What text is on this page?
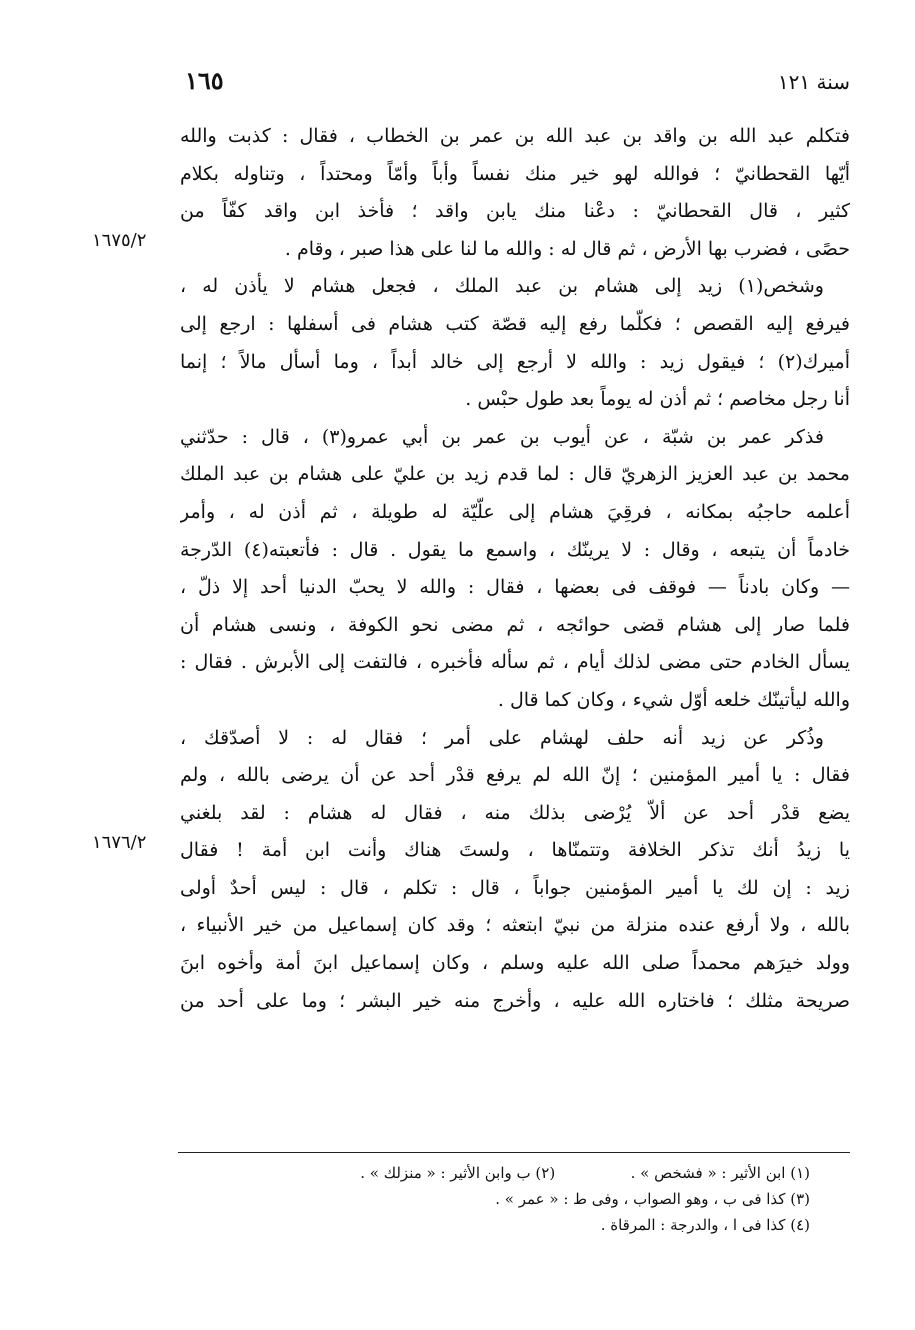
سنة ١٢١
١٦٥
١٦٧٥/٢
١٦٧٦/٢
فتكلم عبد الله بن واقد بن عبد الله بن عمر بن الخطاب ، فقال : كذبت والله
أيّها القحطانيّ ؛ فوالله لهو خير منك نفساً وأباً وأمّاً ومحتداً ، وتناوله بكلام
كثير ، قال القحطانيّ : دعْنا منك يابن واقد ؛ فأخذ ابن واقد كفّاً من
حصًى ، فضرب بها الأرض ، ثم قال له : والله ما لنا على هذا صبر ، وقام .
وشخص(١) زيد إلى هشام بن عبد الملك ، فجعل هشام لا يأذن له ،
فيرفع إليه القصص ؛ فكلّما رفع إليه قصّة كتب هشام فى أسفلها : ارجع إلى
أميرك(٢) ؛ فيقول زيد : والله لا أرجع إلى خالد أبداً ، وما أسأل مالاً ؛ إنما
أنا رجل مخاصم ؛ ثم أذن له يوماً بعد طول حبْس .
فذكر عمر بن شبّة ، عن أيوب بن عمر بن أبي عمرو(٣) ، قال : حدّثني
محمد بن عبد العزيز الزهريّ قال : لما قدم زيد بن عليّ على هشام بن عبد الملك
أعلمه حاجبُه بمكانه ، فرقِيَ هشام إلى علّيّة له طويلة ، ثم أذن له ، وأمر
خادماً أن يتبعه ، وقال : لا يرينّك ، واسمع ما يقول . قال : فأتعبته(٤) الدّرجة
— وكان بادناً — فوقف فى بعضها ، فقال : والله لا يحبّ الدنيا أحد إلا ذلّ ،
فلما صار إلى هشام قضى حوائجه ، ثم مضى نحو الكوفة ، ونسى هشام أن
يسأل الخادم حتى مضى لذلك أيام ، ثم سأله فأخبره ، فالتفت إلى الأبرش . فقال :
والله ليأتينّك خلعه أوّل شيء ، وكان كما قال .
وذُكر عن زيد أنه حلف لهشام على أمر ؛ فقال له : لا أصدّقك ،
فقال : يا أمير المؤمنين ؛ إنّ الله لم يرفع قدْر أحد عن أن يرضى بالله ، ولم
يضع قدْر أحد عن ألاّ يُرْضى بذلك منه ، فقال له هشام : لقد بلغني
يا زيدُ أنك تذكر الخلافة وتتمنّاها ، ولستَ هناك وأنت ابن أمة ! فقال
زيد : إن لك يا أمير المؤمنين جواباً ، قال : تكلم ، قال : ليس أحدٌ أولى
بالله ، ولا أرفع عنده منزلة من نبيّ ابتعثه ؛ وقد كان إسماعيل من خير الأنبياء ،
وولد خيرَهم محمداً صلى الله عليه وسلم ، وكان إسماعيل ابنَ أمة وأخوه ابنَ
صريحة مثلك ؛ فاختاره الله عليه ، وأخرج منه خير البشر ؛ وما على أحد من
(١) ابن الأثير : « فشخص » . (٢) ب وابن الأثير : « منزلك » .
(٣) كذا فى ب ، وهو الصواب ، وفى ط : « عمر » .
(٤) كذا فى ا ، والدرجة : المرقاة .
